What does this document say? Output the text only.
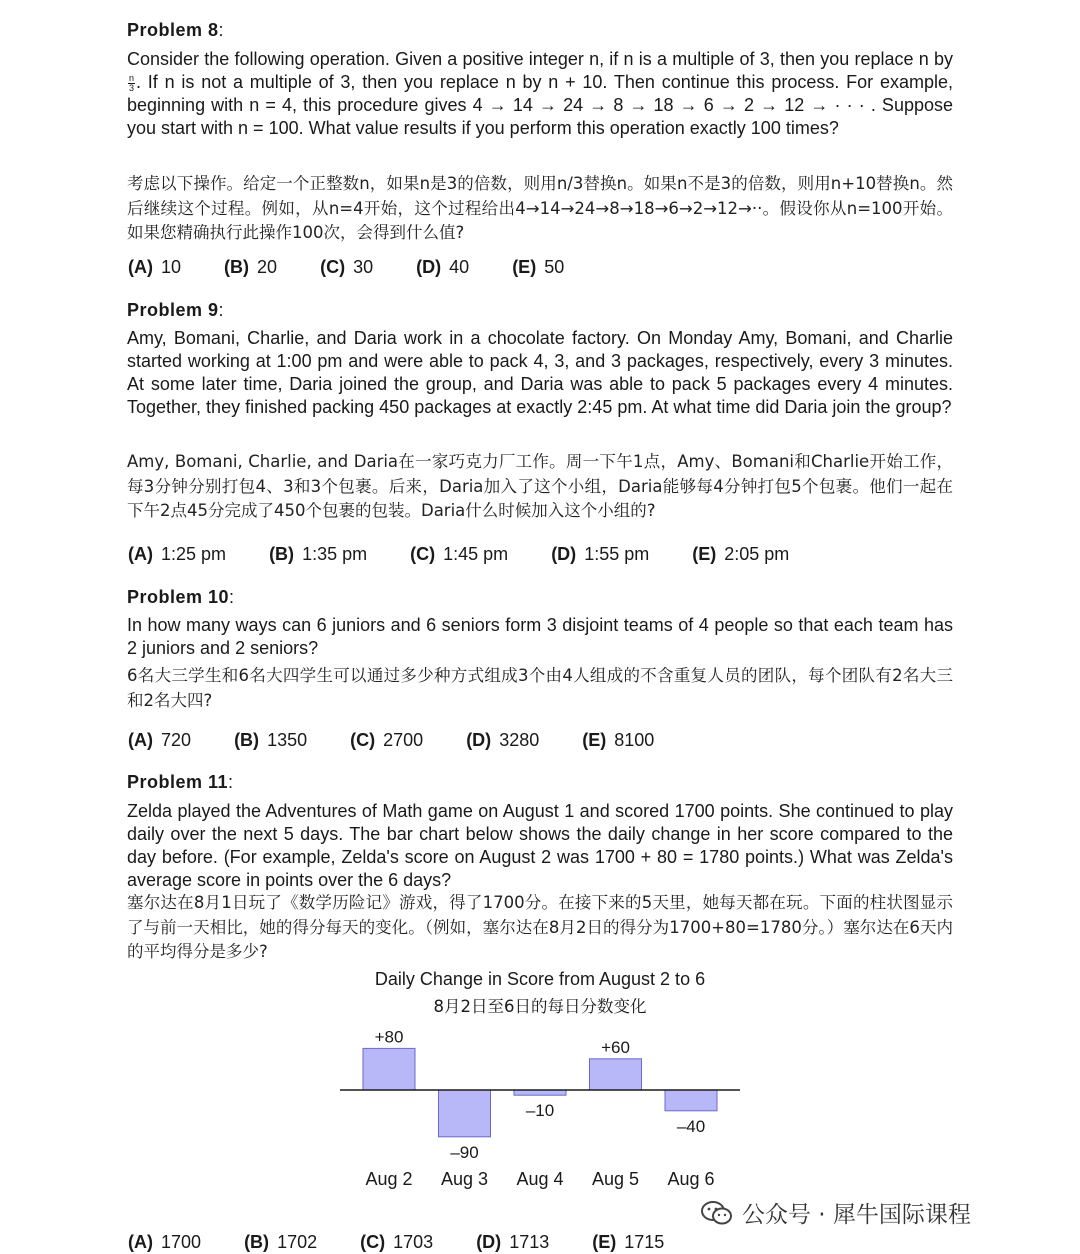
Problem 8:

Consider the following operation. Given a positive integer n, if n is a multiple of 3, then you replace n by
$\frac{n}{3}$ . If n is not a multiple of 3, then you replace n by n + 10. Then continue this process. For example, beginning with n = 4, this procedure gives 4 → 14 → 24 → 8 → 18 → 6 → 2 → 12 → · · · . Suppose you start with n = 100. What value results if you perform this operation exactly 100 times?

考虑以下操作。给定一个正整数n，如果n是3的倍数，则用n/3替换n。如果n不是3的倍数，则用n+10替换n。然后继续这个过程。例如，从n=4开始，这个过程给出4→14→24→8→18→6→2→12→··。假设你从n=100开始。如果您精确执行此操作100次，会得到什么值?

(A) 10 (B) 20 (C) 30 (D) 40 (E) 50
Problem 9:

Amy, Bomani, Charlie, and Daria work in a chocolate factory. On Monday Amy, Bomani, and Charlie started working at 1:00 pm and were able to pack 4, 3, and 3 packages, respectively, every 3 minutes. At some later time, Daria joined the group, and Daria was able to pack 5 packages every 4 minutes. Together, they finished packing 450 packages at exactly 2:45 pm. At what time did Daria join the group?

Amy, Bomani, Charlie, and Daria在一家巧克力厂工作。周一下午1点，Amy、Bomani和Charlie开始工作，每3分钟分别打包4、3和3个包裹。后来，Daria加入了这个小组，Daria能够每4分钟打包5个包裹。他们一起在下午2点45分完成了450个包裹的包装。Daria什么时候加入这个小组的?

(A) 1:25 pm (B) 1:35 pm (C) 1:45 pm (D) 1:55 pm (E) 2:05 pm
Problem 10:

In how many ways can 6 juniors and 6 seniors form 3 disjoint teams of 4 people so that each team has 2 juniors and 2 seniors?

6名大三学生和6名大四学生可以通过多少种方式组成3个由4人组成的不含重复人员的团队，每个团队有2名大三和2名大四?

(A) 720 (B) 1350 (C) 2700 (D) 3280 (E) 8100
Problem 11:

Zelda played the Adventures of Math game on August 1 and scored 1700 points. She continued to play daily over the next 5 days. The bar chart below shows the daily change in her score compared to the day before. (For example, Zelda's score on August 2 was 1700 + 80 = 1780 points.) What was Zelda's average score in points over the 6 days?

塞尔达在8月1日玩了《数学历险记》游戏，得了1700分。在接下来的5天里，她每天都在玩。下面的柱状图显示了与前一天相比，她的得分每天的变化。（例如，塞尔达在8月2日的得分为1700+80=1780分。）塞尔达在6天内的平均得分是多少?

Daily Change in Score from August 2 to 6
8月2日至6日的每日分数变化
+80
Aug 2
–90
Aug 3
–10
Aug 4
+60
Aug 5
–40
Aug 6
(A) 1700 (B) 1702 (C) 1703 (D) 1713 (E) 1715
公众号 · 犀牛国际课程
